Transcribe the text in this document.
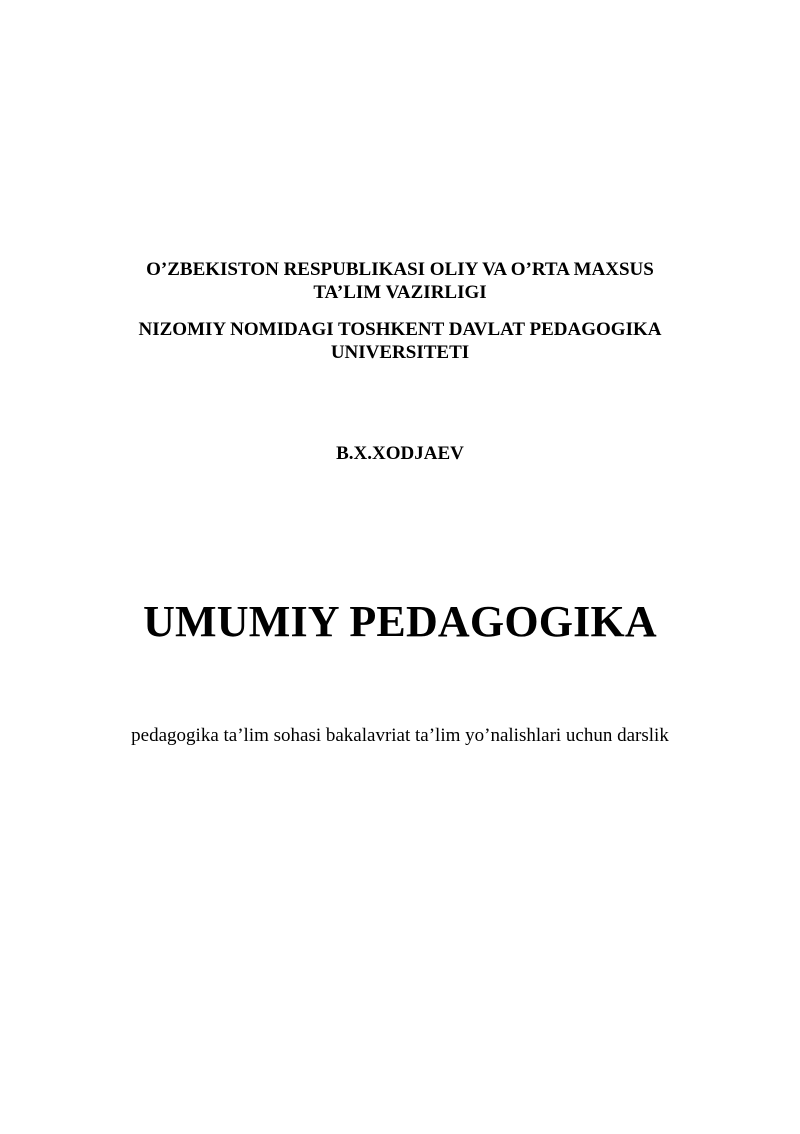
O’ZBEKISTON RESPUBLIKASI OLIY VA O’RTA MAXSUS
TA’LIM VAZIRLIGI
NIZOMIY NOMIDAGI TOSHKENT DAVLAT PEDAGOGIKA
UNIVERSITETI
B.X.XODJAEV
UMUMIY PEDAGOGIKA
pedagogika ta’lim sohasi bakalavriat ta’lim yo’nalishlari uchun darslik
